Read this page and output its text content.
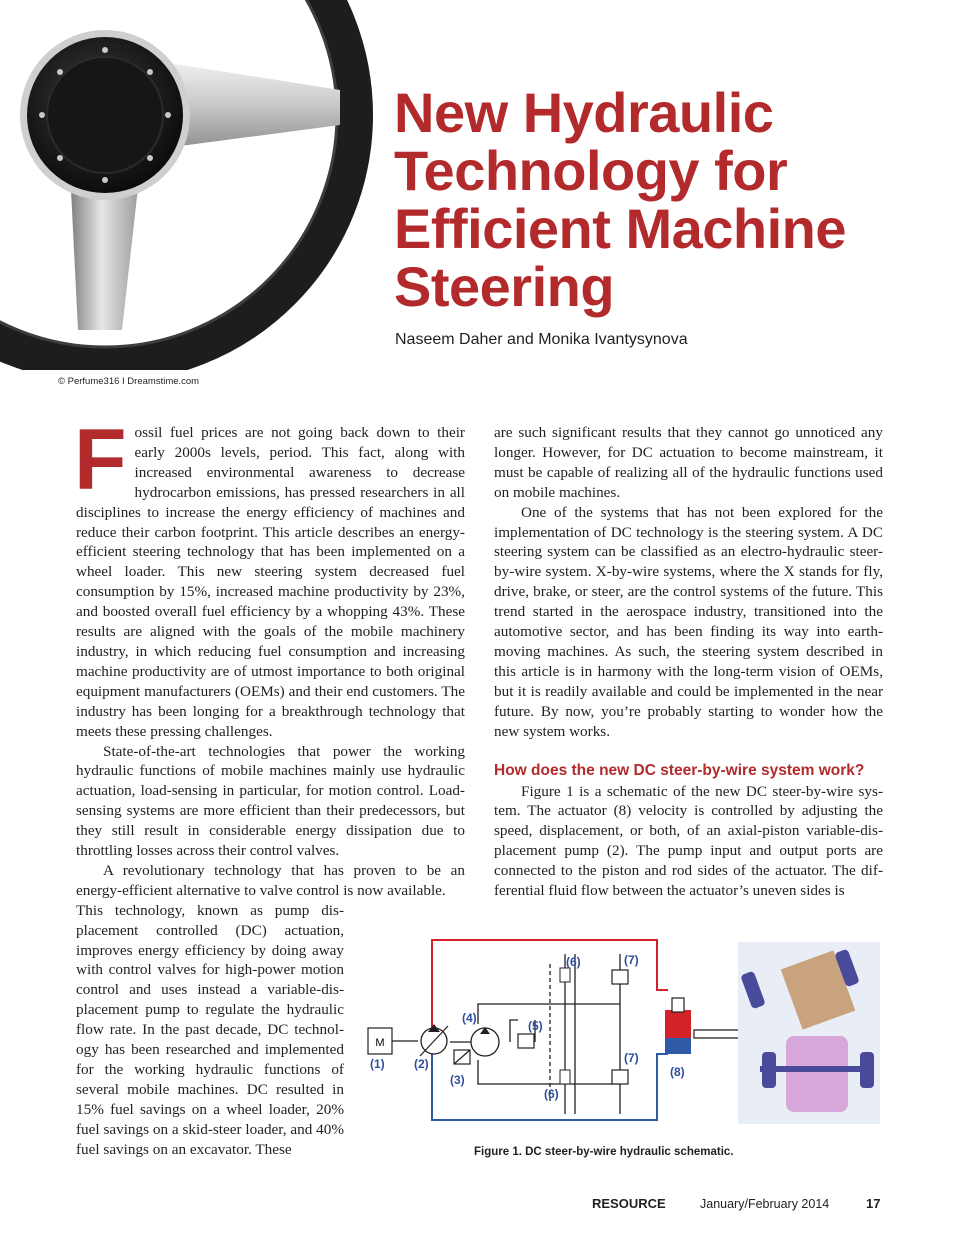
New Hydraulic Technology for Efficient Machine Steering
Naseem Daher and Monika Ivantysynova
© Perfume316 I Dreamstime.com

Fossil fuel prices are not going back down to their early 2000s levels, period. This fact, along with increased environmental awareness to decrease hydrocarbon emissions, has pressed researchers in all disciplines to increase the energy efficiency of machines and reduce their carbon footprint. This article describes an energy-efficient steering technology that has been implemented on a wheel loader. This new steering system decreased fuel consumption by 15%, increased machine productivity by 23%, and boosted overall fuel efficiency by a whopping 43%. These results are aligned with the goals of the mobile machinery industry, in which reducing fuel consumption and increasing machine productivity are of utmost importance to both original equipment manufacturers (OEMs) and their end customers. The industry has been longing for a breakthrough technology that meets these pressing challenges.

State-of-the-art technologies that power the working hydraulic functions of mobile machines mainly use hydraulic actuation, load-sensing in particular, for motion control. Load-sensing systems are more efficient than their predecessors, but they still result in considerable energy dissipation due to throttling losses across their control valves.

A revolutionary technology that has proven to be an energy-efficient alternative to valve control is now available.

This technology, known as pump displacement controlled (DC) actuation, improves energy efficiency by doing away with control valves for high-power motion control and uses instead a variable-displacement pump to regulate the hydraulic flow rate. In the past decade, DC technology has been researched and implemented for the working hydraulic functions of several mobile machines. DC resulted in 15% fuel savings on a wheel loader, 20% fuel savings on a skid-steer loader, and 40% fuel savings on an excavator. These

are such significant results that they cannot go unnoticed any longer. However, for DC actuation to become mainstream, it must be capable of realizing all of the hydraulic functions used on mobile machines.

One of the systems that has not been explored for the implementation of DC technology is the steering system. A DC steering system can be classified as an electro-hydraulic steer-by-wire system. X-by-wire systems, where the X stands for fly, drive, brake, or steer, are the control systems of the future. This trend started in the aerospace industry, transitioned into the automotive sector, and has been finding its way into earth-moving machines. As such, the steering system described in this article is in harmony with the long-term vision of OEMs, but it is readily available and could be implemented in the near future. By now, you’re probably starting to wonder how the new system works.

How does the new DC steer-by-wire system work?

Figure 1 is a schematic of the new DC steer-by-wire system. The actuator (8) velocity is controlled by adjusting the speed, displacement, or both, of an axial-piston variable-displacement pump (2). The pump input and output ports are connected to the piston and rod sides of the actuator. The differential fluid flow between the actuator’s uneven sides is

M
(1) (2)
(3)
(4)
(5)
(6)
(6)
(7)
(7)
(8)
Figure 1. DC steer-by-wire hydraulic schematic.
RESOURCE	January/February 2014	17
